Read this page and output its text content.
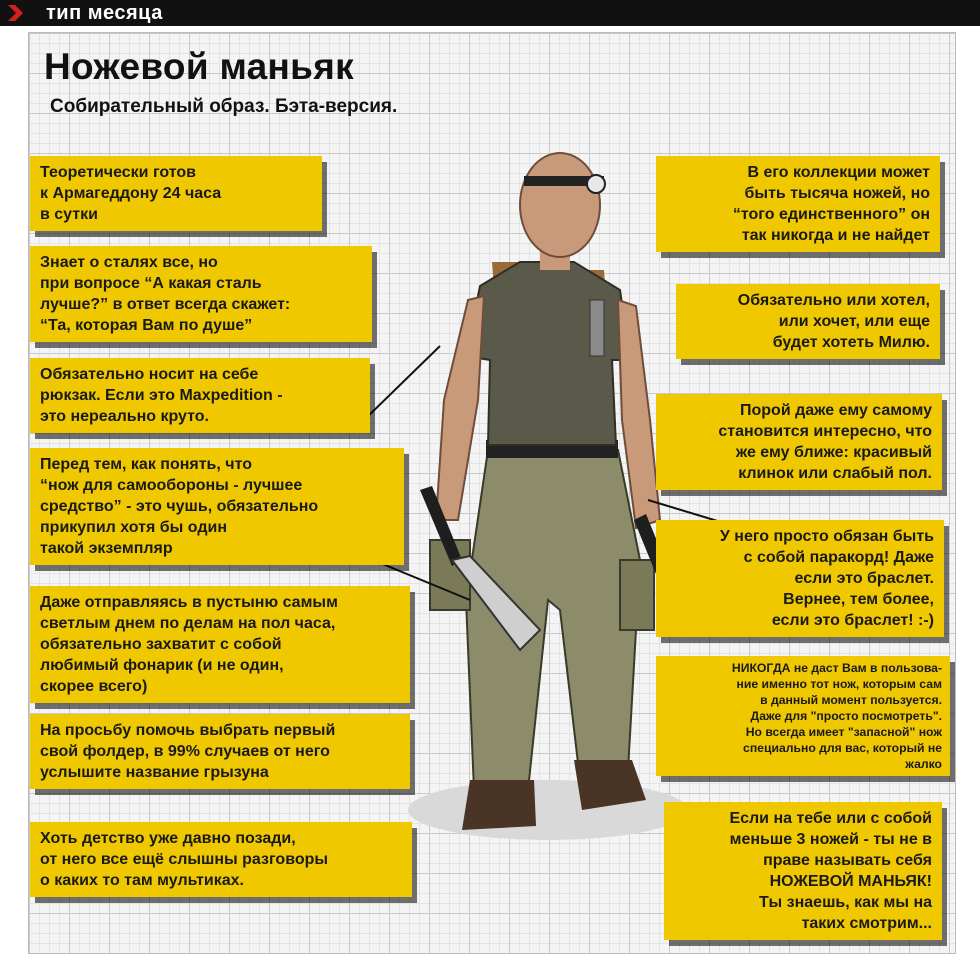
тип месяца
Ножевой маньяк
Собирательный образ. Бэта-версия.
Теоретически готов
к Армагеддону 24 часа
в сутки
Знает о сталях все, но
при вопросе “А какая сталь
лучше?” в ответ всегда скажет:
“Та, которая Вам по душе”
Обязательно носит на себе
рюкзак. Если это Maxpedition -
это нереально круто.
Перед тем, как понять, что
“нож для самообороны - лучшее
средство” - это чушь, обязательно
прикупил хотя бы один
такой экземпляр
Даже отправляясь в пустыню самым
светлым днем по делам на пол часа,
обязательно захватит с собой
любимый фонарик (и не один,
скорее всего)
На просьбу помочь выбрать первый
свой фолдер, в 99% случаев от него
услышите название грызуна
Хоть детство уже давно позади,
от него все ещё слышны разговоры
о каких то там мультиках.
В его коллекции может
быть тысяча ножей, но
“того единственного” он
так никогда и не найдет
Обязательно или хотел,
или хочет, или еще
будет хотеть Милю.
Порой даже ему самому
становится интересно, что
же ему ближе: красивый
клинок или слабый пол.
У него просто обязан быть
с собой паракорд! Даже
если это браслет.
Вернее, тем более,
если это браслет! :-)
НИКОГДА не даст Вам в пользова-
ние именно тот нож, которым сам
в данный момент пользуется.
Даже для "просто посмотреть".
Но всегда имеет "запасной" нож
специально для вас, который не
жалко
Если на тебе или с собой
меньше 3 ножей - ты не в
праве называть себя
НОЖЕВОЙ МАНЬЯК!
Ты знаешь, как мы на
таких смотрим...
